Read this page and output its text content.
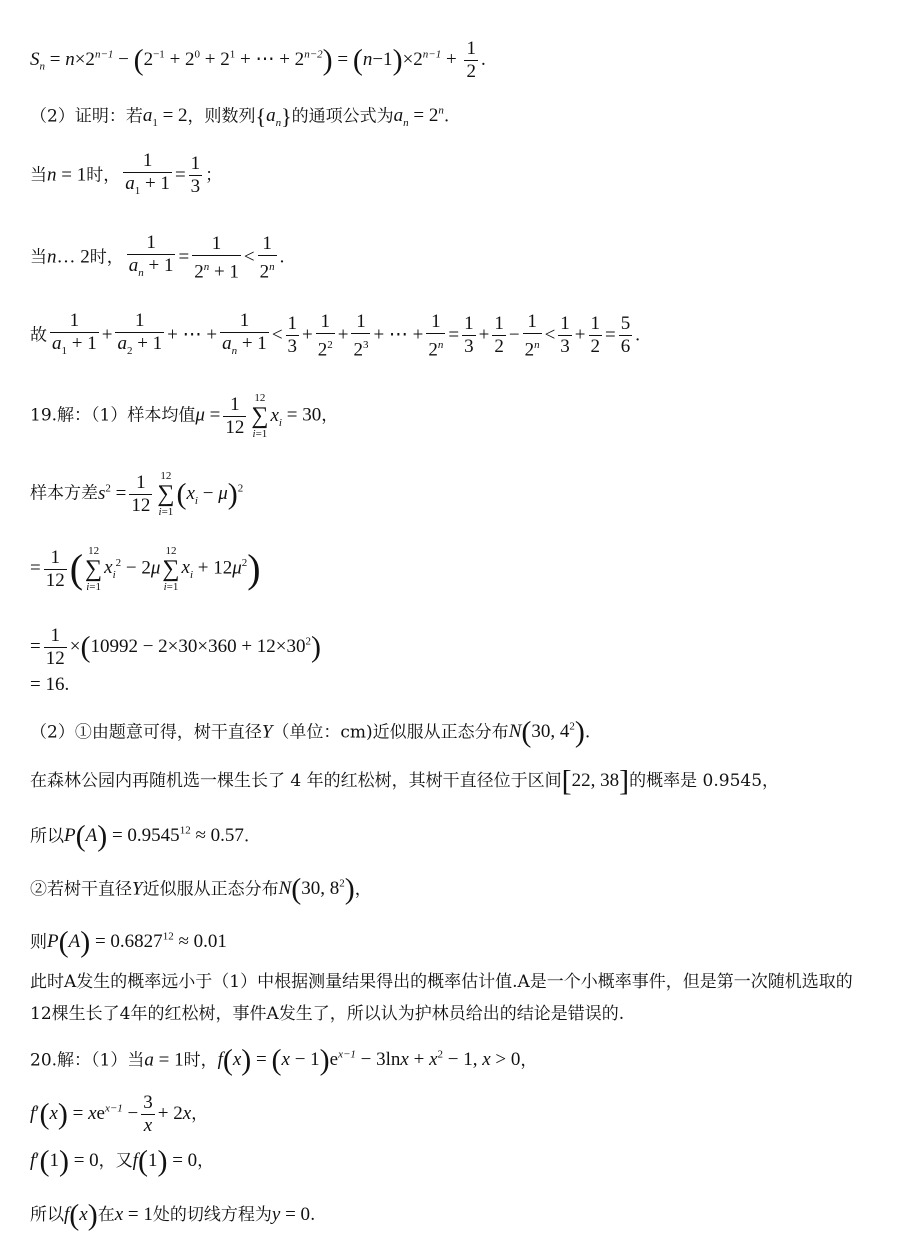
$S_n = n\times 2^{n-1} - (2^{-1} + 2^0 + 2^1$ + ⋯ + $2^{n-2}) = (n-1)\times 2^{n-1} + \frac{1}{2}$ .
（2）证明：若$a_1 = 2$，则数列$\{a_n\}$的通项公式为$a_n = 2^n$.
当n = 1时， $\frac{1}{a_1 + 1} = \frac{1}{3}$ ；
当n… 2时， $\frac{1}{a_n + 1} = \frac{1}{2^n + 1} < \frac{1}{2^n}$ .
故 $\frac{1}{a_1 + 1} + \frac{1}{a_2 + 1}$ + ⋯ + $\frac{1}{a_n + 1} < \frac{1}{3} + \frac{1}{2^2} + \frac{1}{2^3}$ + ⋯ + $\frac{1}{2^n} = \frac{1}{3} + \frac{1}{2} - \frac{1}{2^n} < \frac{1}{3} + \frac{1}{2} = \frac{5}{6}$ .
19.解：（1）样本均值$\mu = \frac{1}{12} 12$
∑
$i=1x_i = 30$，
样本方差$s^2 = \frac{1}{12} 12$
∑
$i=1(x_i - \mu)^2$
= $\frac{1}{12}$ ( 12
∑
$i=1x_i^2 - 2\mu 12$
∑
$i=1x_i + 12\mu^2$)
= $\frac{1}{12} \times(10992 - 2\times 30\times 360 + 12\times 30^2)$
= 16.
（2）①由题意可得，树干直径Y（单位：cm)近似服从正态分布N(30, $4^2$).
在森林公园内再随机选一棵生长了 4 年的红松树，其树干直径位于区间[22, 38]的概率是 0.9545，
所以$P(A) = 0.9545^{12} \approx 0.57$.
②若树干直径Y近似服从正态分布N(30, $8^2$)，
则$P(A) = 0.6827^{12} \approx 0.01$
此时A发生的概率远小于（1）中根据测量结果得出的概率估计值.A是一个小概率事件，但是第一次随机选取的12棵生长了4年的红松树，事件A发生了，所以认为护林员给出的结论是错误的.
20.解：（1）当a = 1时，$f(x) = (x - 1)e^{x-1} - 3\ln x + x^2 - 1$, x > 0，
$f'(x) = xe^{x-1} - \frac{3}{x} + 2x$，
f′(1) = 0，又f(1) = 0，
所以f(x)在x = 1处的切线方程为y = 0.
